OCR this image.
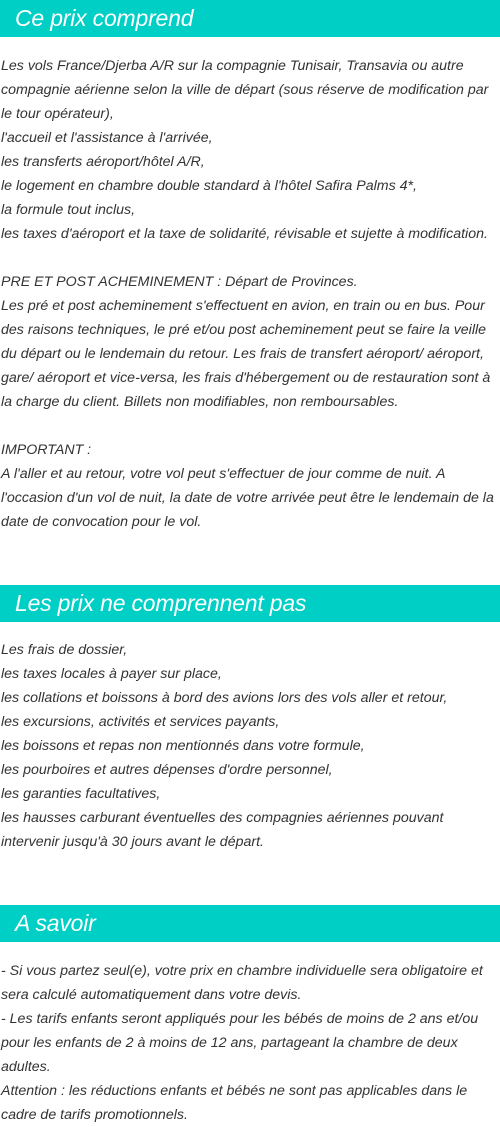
Ce prix comprend
Les vols France/Djerba A/R sur la compagnie Tunisair, Transavia ou autre compagnie aérienne selon la ville de départ (sous réserve de modification par le tour opérateur),
l'accueil et l'assistance à l'arrivée,
les transferts aéroport/hôtel A/R,
le logement en chambre double standard à l'hôtel Safira Palms 4*,
la formule tout inclus,
les taxes d'aéroport et la taxe de solidarité, révisable et sujette à modification.
PRE ET POST ACHEMINEMENT : Départ de Provinces.
Les pré et post acheminement s'effectuent en avion, en train ou en bus. Pour des raisons techniques, le pré et/ou post acheminement peut se faire la veille du départ ou le lendemain du retour. Les frais de transfert aéroport/ aéroport, gare/ aéroport et vice-versa, les frais d'hébergement ou de restauration sont à la charge du client. Billets non modifiables, non remboursables.
IMPORTANT :
A l'aller et au retour, votre vol peut s'effectuer de jour comme de nuit. A l'occasion d'un vol de nuit, la date de votre arrivée peut être le lendemain de la date de convocation pour le vol.
Les prix ne comprennent pas
Les frais de dossier,
les taxes locales à payer sur place,
les collations et boissons à bord des avions lors des vols aller et retour,
les excursions, activités et services payants,
les boissons et repas non mentionnés dans votre formule,
les pourboires et autres dépenses d'ordre personnel,
les garanties facultatives,
les hausses carburant éventuelles des compagnies aériennes pouvant intervenir jusqu'à 30 jours avant le départ.
A savoir
- Si vous partez seul(e), votre prix en chambre individuelle sera obligatoire et sera calculé automatiquement dans votre devis.
- Les tarifs enfants seront appliqués pour les bébés de moins de 2 ans et/ou pour les enfants de 2 à moins de 12 ans, partageant la chambre de deux adultes.
Attention : les réductions enfants et bébés ne sont pas applicables dans le cadre de tarifs promotionnels.
